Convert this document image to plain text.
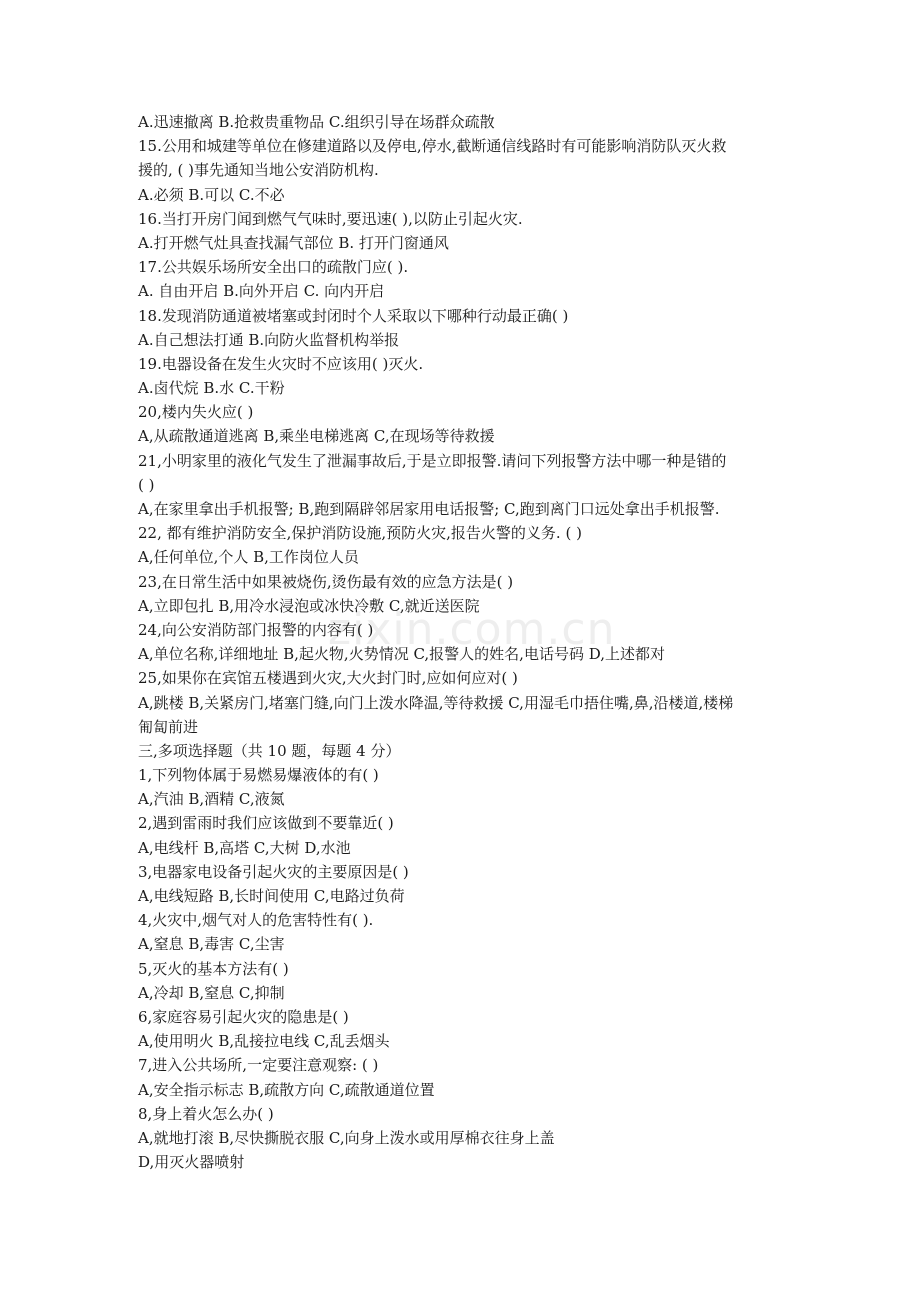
zixin.com.cn
A.迅速撤离 B.抢救贵重物品 C.组织引导在场群众疏散
15.公用和城建等单位在修建道路以及停电,停水,截断通信线路时有可能影响消防队灭火救
援的, ( )事先通知当地公安消防机构.
A.必须 B.可以 C.不必
16.当打开房门闻到燃气气味时,要迅速( ),以防止引起火灾.
A.打开燃气灶具查找漏气部位 B. 打开门窗通风
17.公共娱乐场所安全出口的疏散门应( ).
A. 自由开启 B.向外开启 C. 向内开启
18.发现消防通道被堵塞或封闭时个人采取以下哪种行动最正确( )
A.自己想法打通 B.向防火监督机构举报
19.电器设备在发生火灾时不应该用( )灭火.
A.卤代烷 B.水 C.干粉
20,楼内失火应( )
A,从疏散通道逃离 B,乘坐电梯逃离 C,在现场等待救援
21,小明家里的液化气发生了泄漏事故后,于是立即报警.请问下列报警方法中哪一种是错的
( )
A,在家里拿出手机报警; B,跑到隔辟邻居家用电话报警; C,跑到离门口远处拿出手机报警.
22, 都有维护消防安全,保护消防设施,预防火灾,报告火警的义务. ( )
A,任何单位,个人 B,工作岗位人员
23,在日常生活中如果被烧伤,烫伤最有效的应急方法是( )
A,立即包扎 B,用冷水浸泡或冰快冷敷 C,就近送医院
24,向公安消防部门报警的内容有( )
A,单位名称,详细地址 B,起火物,火势情况 C,报警人的姓名,电话号码 D,上述都对
25,如果你在宾馆五楼遇到火灾,大火封门时,应如何应对( )
A,跳楼 B,关紧房门,堵塞门缝,向门上泼水降温,等待救援 C,用湿毛巾捂住嘴,鼻,沿楼道,楼梯
匍匐前进
三,多项选择题（共 10 题，每题 4 分）
1,下列物体属于易燃易爆液体的有( )
A,汽油 B,酒精 C,液氮
2,遇到雷雨时我们应该做到不要靠近( )
A,电线杆 B,高塔 C,大树 D,水池
3,电器家电设备引起火灾的主要原因是( )
A,电线短路 B,长时间使用 C,电路过负荷
4,火灾中,烟气对人的危害特性有( ).
A,窒息 B,毒害 C,尘害
5,灭火的基本方法有( )
A,冷却 B,窒息 C,抑制
6,家庭容易引起火灾的隐患是( )
A,使用明火 B,乱接拉电线 C,乱丢烟头
7,进入公共场所,一定要注意观察: ( )
A,安全指示标志 B,疏散方向 C,疏散通道位置
8,身上着火怎么办( )
A,就地打滚 B,尽快撕脱衣服 C,向身上泼水或用厚棉衣往身上盖
D,用灭火器喷射
